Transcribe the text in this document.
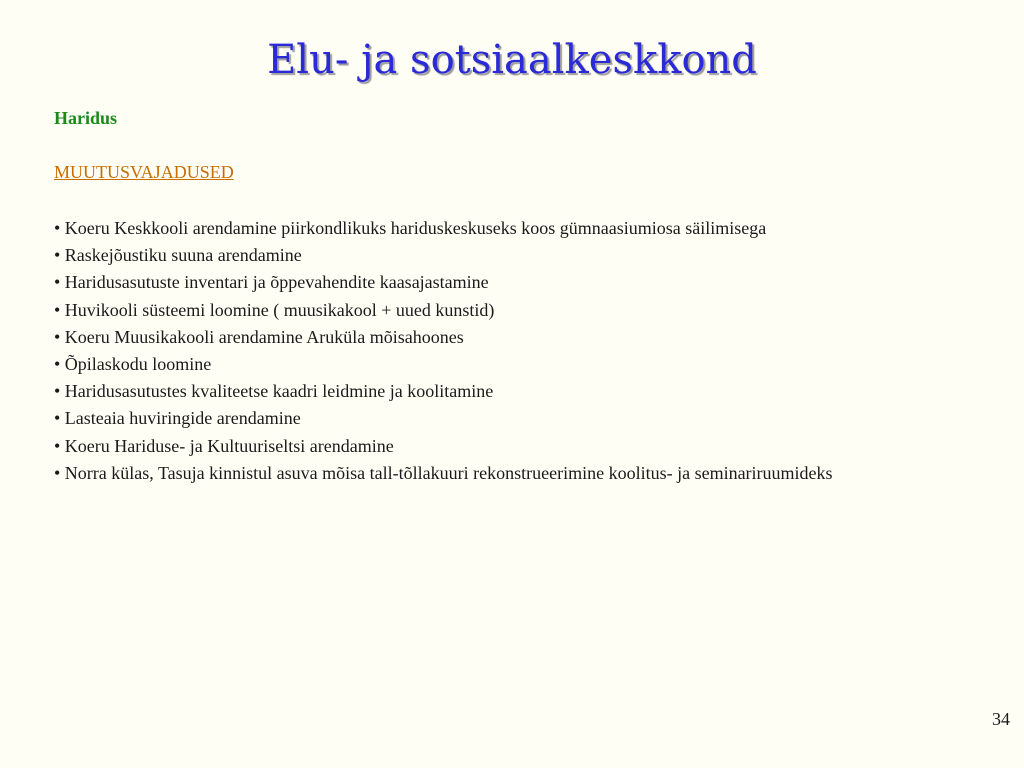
Elu- ja sotsiaalkeskkond
Haridus
MUUTUSVAJADUSED
• Koeru Keskkooli arendamine piirkondlikuks hariduskeskuseks koos gümnaasiumiosa säilimisega
• Raskejõustiku suuna arendamine
• Haridusasutuste inventari ja õppevahendite kaasajastamine
• Huvikooli süsteemi loomine ( muusikakool + uued kunstid)
• Koeru Muusikakooli arendamine Aruküla mõisahoones
• Õpilaskodu loomine
• Haridusasutustes kvaliteetse kaadri leidmine ja koolitamine
• Lasteaia huviringide arendamine
• Koeru Hariduse- ja Kultuuriseltsi arendamine
• Norra külas, Tasuja kinnistul asuva mõisa tall-tõllakuuri rekonstrueerimine koolitus- ja seminariruumideks
34
